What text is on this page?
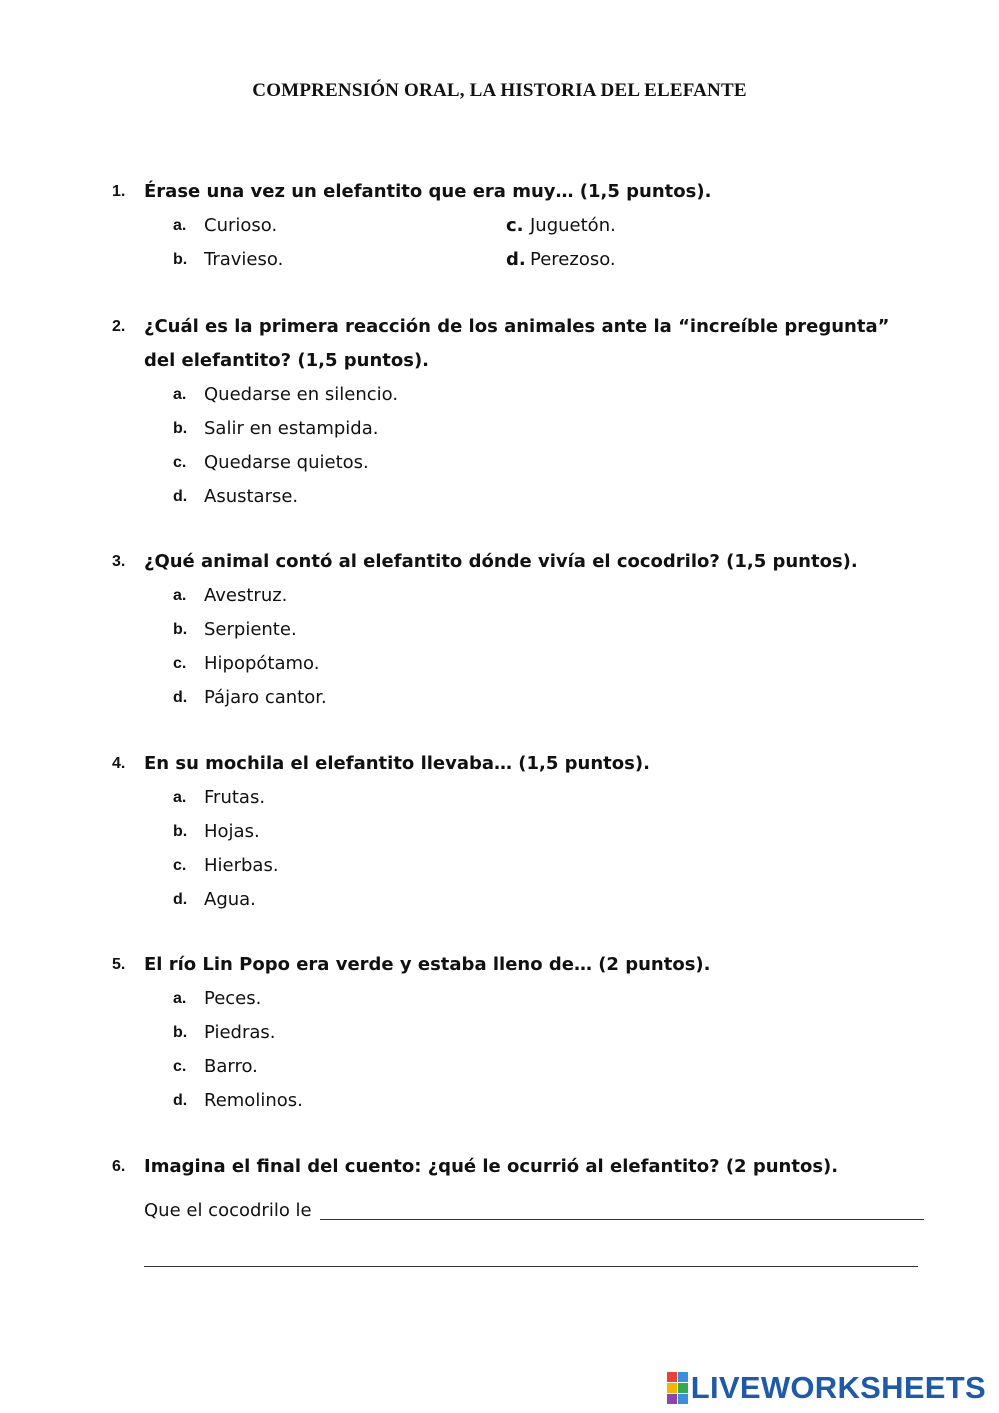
COMPRENSIÓN ORAL, LA HISTORIA DEL ELEFANTE
1. Érase una vez un elefantito que era muy… (1,5 puntos).
a. Curioso.	c. Juguetón.
b. Travieso.	d. Perezoso.
2. ¿Cuál es la primera reacción de los animales ante la “increíble pregunta”
del elefantito? (1,5 puntos).
a. Quedarse en silencio.
b. Salir en estampida.
c. Quedarse quietos.
d. Asustarse.
3. ¿Qué animal contó al elefantito dónde vivía el cocodrilo? (1,5 puntos).
a. Avestruz.
b. Serpiente.
c. Hipopótamo.
d. Pájaro cantor.
4. En su mochila el elefantito llevaba… (1,5 puntos).
a. Frutas.
b. Hojas.
c. Hierbas.
d. Agua.
5. El río Lin Popo era verde y estaba lleno de… (2 puntos).
a. Peces.
b. Piedras.
c. Barro.
d. Remolinos.
6. Imagina el final del cuento: ¿qué le ocurrió al elefantito? (2 puntos).
Que el cocodrilo le
LIVEWORKSHEETS
